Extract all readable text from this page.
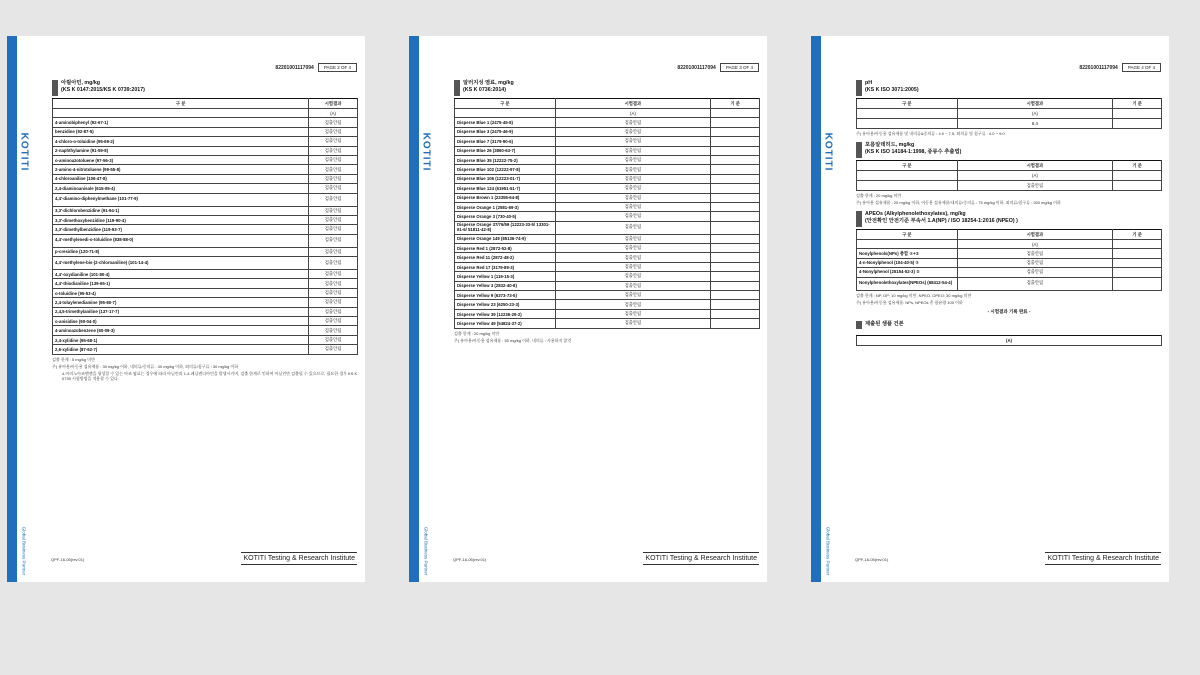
KOTITI
Global Business Partner
82201001117094	PAGE 2 OF 4
아릴아민, mg/kg
(KS K 0147:2015/KS K 0739:2017)
구 분	시험결과
	(A)
4-aminobiphenyl (92-67-1)	검출안됨
benzidine (92-87-5)	검출안됨
4-chloro-o-toluidine (95-69-2)	검출안됨
2-naphthylamine (91-59-8)	검출안됨
o-aminoazotoluene (97-56-3)	검출안됨
2-amino-4-nitrotoluene (99-55-8)	검출안됨
4-chloroaniline (106-47-8)	검출안됨
2,4-diaminoanisole (615-05-4)	검출안됨
4,4'-diamino-diphenylmethane (101-77-9)	검출안됨
3,3'-dichlorobenzidine (91-94-1)	검출안됨
3,3'-dimethoxybenzidine (119-90-4)	검출안됨
3,3'-dimethylbenzidine (119-93-7)	검출안됨
4,4'-methylenedi-o-toluidine (838-88-0)	검출안됨
p-cresidine (120-71-8)	검출안됨
4,4'-methylene-bis-(2-chloroaniline) (101-14-4)	검출안됨
4,4'-oxydianiline (101-80-4)	검출안됨
4,4'-thiodianiline (139-65-1)	검출안됨
o-toluidine (95-53-4)	검출안됨
2,4-toluylenediamine (95-80-7)	검출안됨
2,4,5-trimethylaniline (137-17-7)	검출안됨
o-anisidine (90-04-0)	검출안됨
4-aminoazobenzene (60-09-3)	검출안됨
2,4-xylidine (95-68-1)	검출안됨
2,6-xylidine (87-62-7)	검출안됨
검출 한계 : 5 mg/kg 미만
주) 유아용/아동용 섬유제품 : 30 mg/kg 이하, 내의류/중의류 : 30 mg/kg 이하, 외의류/침구류 : 30 mg/kg 이하
4-아미노아조벤젠을 형성할 수 있는 아조 염료는 경우에 따라 아닐린과 1,4-페닐렌디아민을 발생시키며, 검출 한계로 인하여 아닐린만 검출될 수 있으므로, 필요한 경우 KS K 0739 시험방법을 적용할 수 있다.
QPF-16-05(rev.01)	KOTITI Testing & Research Institute
KOTITI
Global Business Partner
82201001117094	PAGE 3 OF 4
알러지성 염료, mg/kg
(KS K 0736:2014)
구 분	시험결과	기 준
	(A)	
Disperse Blue 1 (2475-45-8)	검출안됨	
Disperse Blue 3 (2475-46-9)	검출안됨	
Disperse Blue 7 (3179-90-6)	검출안됨	
Disperse Blue 26 (3860-63-7)	검출안됨	
Disperse Blue 35 (12222-75-2)	검출안됨	
Disperse Blue 102 (12222-97-8)	검출안됨	
Disperse Blue 106 (12223-01-7)	검출안됨	
Disperse Blue 124 (61951-51-7)	검출안됨	
Disperse Brown 1 (23355-64-8)	검출안됨	
Disperse Orange 1 (2581-69-3)	검출안됨	
Disperse Orange 3 (730-40-5)	검출안됨	
Disperse Orange 37/76/59 (12223-33-5/ 13301-61-6/ 51811-42-8)	검출안됨	
Disperse Orange 149 (85136-74-9)	검출안됨	
Disperse Red 1 (2872-52-8)	검출안됨	
Disperse Red 11 (2872-48-2)	검출안됨	
Disperse Red 17 (3179-89-3)	검출안됨	
Disperse Yellow 1 (119-15-3)	검출안됨	
Disperse Yellow 3 (2832-40-8)	검출안됨	
Disperse Yellow 9 (6373-73-5)	검출안됨	
Disperse Yellow 23 (6250-23-3)	검출안됨	
Disperse Yellow 39 (12236-29-2)	검출안됨	
Disperse Yellow 49 (54824-37-2)	검출안됨	
검출 한계 : 20 mg/kg 미만
주) 유아용/아동용 섬유제품 : 50 mg/kg 이하, 내의류 : 사용하지 않것
QPF-16-05(rev.01)	KOTITI Testing & Research Institute
KOTITI
Global Business Partner
82201001117094	PAGE 4 OF 4
pH
(KS K ISO 3071:2005)
구 분	시험결과	기 준
	(A)	
	6.4	
주) 유아용/아동용 섬유제품 및 내의류&중의류 : 4.0 ~ 7.5, 외의류 및 침구류 : 4.0 ~ 9.0
포름알데히드, mg/kg
(KS K ISO 14184-1:1998, 증류수 추출법)
구 분	시험결과	기 준
	(A)	
	검출안됨	
검출 한계 : 20 mg/kg 미만
주) 유아용 섬유제품 : 20 mg/kg 이하, 아동용 섬유제품/내의류/중의류 : 75 mg/kg 이하, 외의류/침구류 : 300 mg/kg 이하
APEOs (Alkylphenolethoxylates), mg/kg
(안전확인 안전기준 부속서 1.A(NP) / ISO 18254-1:2016 (NPEO) )
구 분	시험결과	기 준
	(A)	
Nonylphenols(NPs) 총합 ①+②	검출안됨	
4-n-Nonylphenol (104-40-5) ①	검출안됨	
4-Nonylphenol (25154-52-3) ②	검출안됨	
Nonylphenolethoxylates(NPEOs) (68412-54-4)	검출안됨	
검출 한계 : NP, OP: 10 mg/kg 미만, NPEO, OPEO: 30 mg/kg 미만
주) 유아용/아동용 섬유제품: NPs, NPEOs 총 함유량 100 이하
- 시험결과 기록 완료 -
제출된 샘플 건본
(A)
QPF-16-05(rev.01)	KOTITI Testing & Research Institute
